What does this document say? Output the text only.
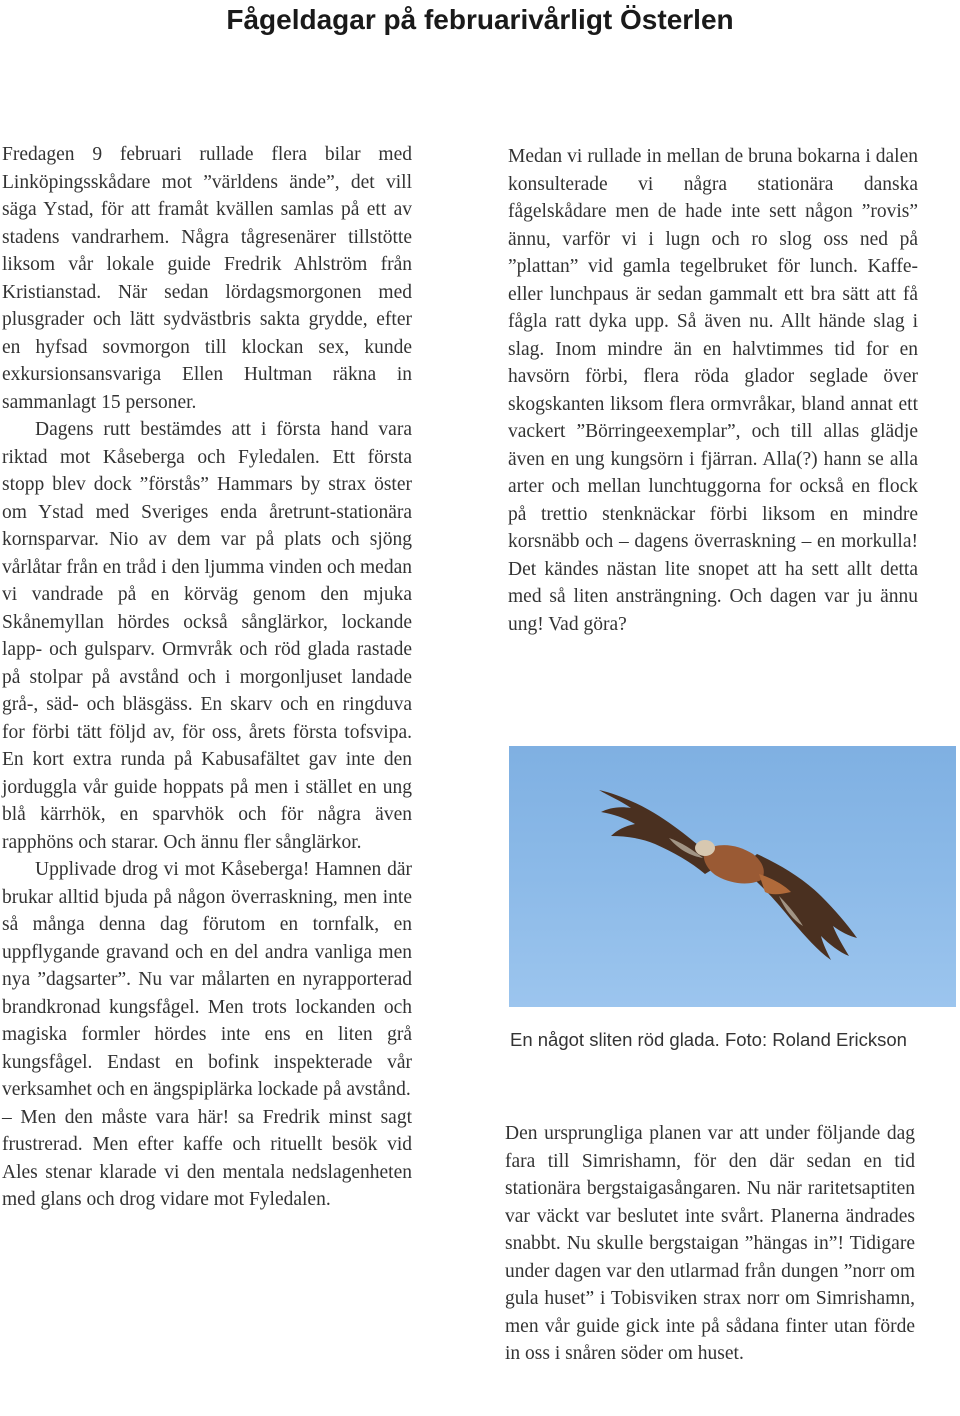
Fågeldagar på februarivårligt Österlen

Fredagen 9 februari rullade flera bilar med Linköpingsskådare mot ”världens ände”, det vill säga Ystad, för att framåt kvällen samlas på ett av stadens vandrarhem. Några tågresenärer tillstötte liksom vår lokale guide Fredrik Ahlström från Kristianstad. När sedan lördagsmorgonen med plusgrader och lätt sydvästbris sakta grydde, efter en hyfsad sovmorgon till klockan sex, kunde exkursionsansvariga Ellen Hultman räkna in sammanlagt 15 personer.

Dagens rutt bestämdes att i första hand vara riktad mot Kåseberga och Fyledalen. Ett första stopp blev dock ”förstås” Hammars by strax öster om Ystad med Sveriges enda åretrunt-stationära kornsparvar. Nio av dem var på plats och sjöng vårlåtar från en tråd i den ljumma vinden och medan vi vandrade på en körväg genom den mjuka Skånemyllan hördes också sånglärkor, lockande lapp- och gulsparv. Ormvråk och röd glada rastade på stolpar på avstånd och i morgonljuset landade grå-, säd- och bläsgäss. En skarv och en ringduva for förbi tätt följd av, för oss, årets första tofsvipa. En kort extra runda på Kabusafältet gav inte den jorduggla vår guide hoppats på men i stället en ung blå kärrhök, en sparvhök och för några även rapphöns och starar. Och ännu fler sånglärkor.

Upplivade drog vi mot Kåseberga! Hamnen där brukar alltid bjuda på någon överraskning, men inte så många denna dag förutom en tornfalk, en uppflygande gravand och en del andra vanliga men nya ”dagsarter”. Nu var målarten en nyrapporterad brandkronad kungsfågel. Men trots lockanden och magiska formler hördes inte ens en liten grå kungsfågel. Endast en bofink inspekterade vår verksamhet och en ängspiplärka lockade på avstånd.

– Men den måste vara här! sa Fredrik minst sagt frustrerad. Men efter kaffe och rituellt besök vid Ales stenar klarade vi den mentala nedslagenheten med glans och drog vidare mot Fyledalen.

Medan vi rullade in mellan de bruna bokarna i dalen konsulterade vi några stationära danska fågelskådare men de hade inte sett någon ”rovis” ännu, varför vi i lugn och ro slog oss ned på ”plattan” vid gamla tegelbruket för lunch. Kaffe- eller lunchpaus är sedan gammalt ett bra sätt att få fågla ratt dyka upp. Så även nu. Allt hände slag i slag. Inom mindre än en halvtimmes tid for en havsörn förbi, flera röda glador seglade över skogskanten liksom flera ormvråkar, bland annat ett vackert ”Börringeexemplar”, och till allas glädje även en ung kungsörn i fjärran. Alla(?) hann se alla arter och mellan lunchtuggorna for också en flock på trettio stenknäckar förbi liksom en mindre korsnäbb och – dagens överraskning – en morkulla! Det kändes nästan lite snopet att ha sett allt detta med så liten ansträngning. Och dagen var ju ännu ung! Vad göra?

En något sliten röd glada. Foto: Roland Erickson

Den ursprungliga planen var att under följande dag fara till Simrishamn, för den där sedan en tid stationära bergstaigasångaren. Nu när raritetsaptiten var väckt var beslutet inte svårt. Planerna ändrades snabbt. Nu skulle bergstaigan ”hängas in”! Tidigare under dagen var den utlarmad från dungen ”norr om gula huset” i Tobisviken strax norr om Simrishamn, men vår guide gick inte på sådana finter utan förde in oss i snåren söder om huset.
